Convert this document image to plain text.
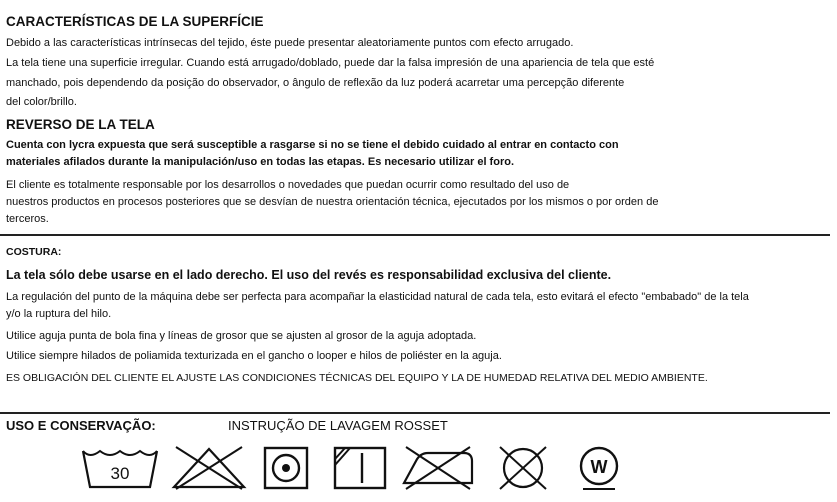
CARACTERÍSTICAS DE LA SUPERFÍCIE
Debido a las características intrínsecas del tejido, éste puede presentar aleatoriamente puntos com efecto arrugado.
La tela tiene una superficie irregular. Cuando está arrugado/doblado, puede dar la falsa impresión de una apariencia de tela que esté
manchado, pois dependendo da posição do observador, o ângulo de reflexão da luz poderá acarretar uma percepção diferente
del color/brillo.
REVERSO DE LA TELA
Cuenta con lycra expuesta que será susceptible a rasgarse si no se tiene el debido cuidado al entrar en contacto con
materiales afilados durante la manipulación/uso en todas las etapas. Es necesario utilizar el foro.
El cliente es totalmente responsable por los desarrollos o novedades que puedan ocurrir como resultado del uso de
nuestros productos en procesos posteriores que se desvían de nuestra orientación técnica, ejecutados por los mismos o por orden de
terceros.
COSTURA:
La tela sólo debe usarse en el lado derecho. El uso del revés es responsabilidad exclusiva del cliente.
La regulación del punto de la máquina debe ser perfecta para acompañar la elasticidad natural de cada tela, esto evitará el efecto "embabado" de la tela
y/o la ruptura del hilo.
Utilice aguja punta de bola fina y líneas de grosor que se ajusten al grosor de la aguja adoptada.
Utilice siempre hilados de poliamida texturizada en el gancho o looper e hilos de poliéster en la aguja.
ES OBLIGACIÓN DEL CLIENTE EL AJUSTE LAS CONDICIONES TÉCNICAS DEL EQUIPO Y LA DE HUMEDAD RELATIVA DEL MEDIO AMBIENTE.
USO E CONSERVAÇÃO:	INSTRUÇÃO DE LAVAGEM ROSSET
30	W
